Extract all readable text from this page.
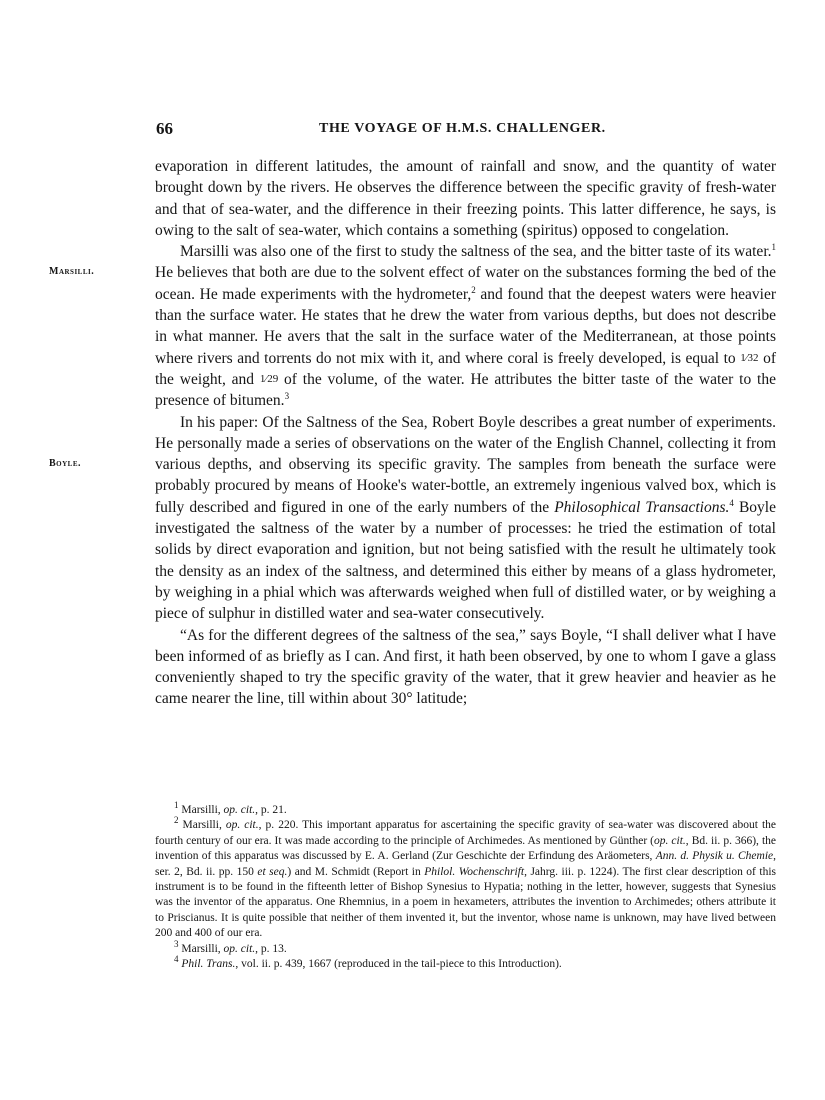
66	THE VOYAGE OF H.M.S. CHALLENGER.
Marsilli.
Boyle.

evaporation in different latitudes, the amount of rainfall and snow, and the quantity of water brought down by the rivers. He observes the difference between the specific gravity of fresh-water and that of sea-water, and the difference in their freezing points. This latter difference, he says, is owing to the salt of sea-water, which contains a something (spiritus) opposed to congelation.

Marsilli was also one of the first to study the saltness of the sea, and the bitter taste of its water.$^1$ He believes that both are due to the solvent effect of water on the substances forming the bed of the ocean. He made experiments with the hydrometer,$^2$ and found that the deepest waters were heavier than the surface water. He states that he drew the water from various depths, but does not describe in what manner. He avers that the salt in the surface water of the Mediterranean, at those points where rivers and torrents do not mix with it, and where coral is freely developed, is equal to 1⁄32 of the weight, and 1⁄29 of the volume, of the water. He attributes the bitter taste of the water to the presence of bitumen.$^3$

In his paper: Of the Saltness of the Sea, Robert Boyle describes a great number of experiments. He personally made a series of observations on the water of the English Channel, collecting it from various depths, and observing its specific gravity. The samples from beneath the surface were probably procured by means of Hooke's water-bottle, an extremely ingenious valved box, which is fully described and figured in one of the early numbers of the Philosophical Transactions.$^4$ Boyle investigated the saltness of the water by a number of processes: he tried the estimation of total solids by direct evaporation and ignition, but not being satisfied with the result he ultimately took the density as an index of the saltness, and determined this either by means of a glass hydrometer, by weighing in a phial which was afterwards weighed when full of distilled water, or by weighing a piece of sulphur in distilled water and sea-water consecutively.

“As for the different degrees of the saltness of the sea,” says Boyle, “I shall deliver what I have been informed of as briefly as I can. And first, it hath been observed, by one to whom I gave a glass conveniently shaped to try the specific gravity of the water, that it grew heavier and heavier as he came nearer the line, till within about 30° latitude;

$^1$ Marsilli, op. cit., p. 21.

$^2$ Marsilli, op. cit., p. 220. This important apparatus for ascertaining the specific gravity of sea-water was discovered about the fourth century of our era. It was made according to the principle of Archimedes. As mentioned by Günther (op. cit., Bd. ii. p. 366), the invention of this apparatus was discussed by E. A. Gerland (Zur Geschichte der Erfindung des Aräometers, Ann. d. Physik u. Chemie, ser. 2, Bd. ii. pp. 150 et seq.) and M. Schmidt (Report in Philol. Wochenschrift, Jahrg. iii. p. 1224). The first clear description of this instrument is to be found in the fifteenth letter of Bishop Synesius to Hypatia; nothing in the letter, however, suggests that Synesius was the inventor of the apparatus. One Rhemnius, in a poem in hexameters, attributes the invention to Archimedes; others attribute it to Priscianus. It is quite possible that neither of them invented it, but the inventor, whose name is unknown, may have lived between 200 and 400 of our era.

$^3$ Marsilli, op. cit., p. 13.

$^4$ Phil. Trans., vol. ii. p. 439, 1667 (reproduced in the tail-piece to this Introduction).
